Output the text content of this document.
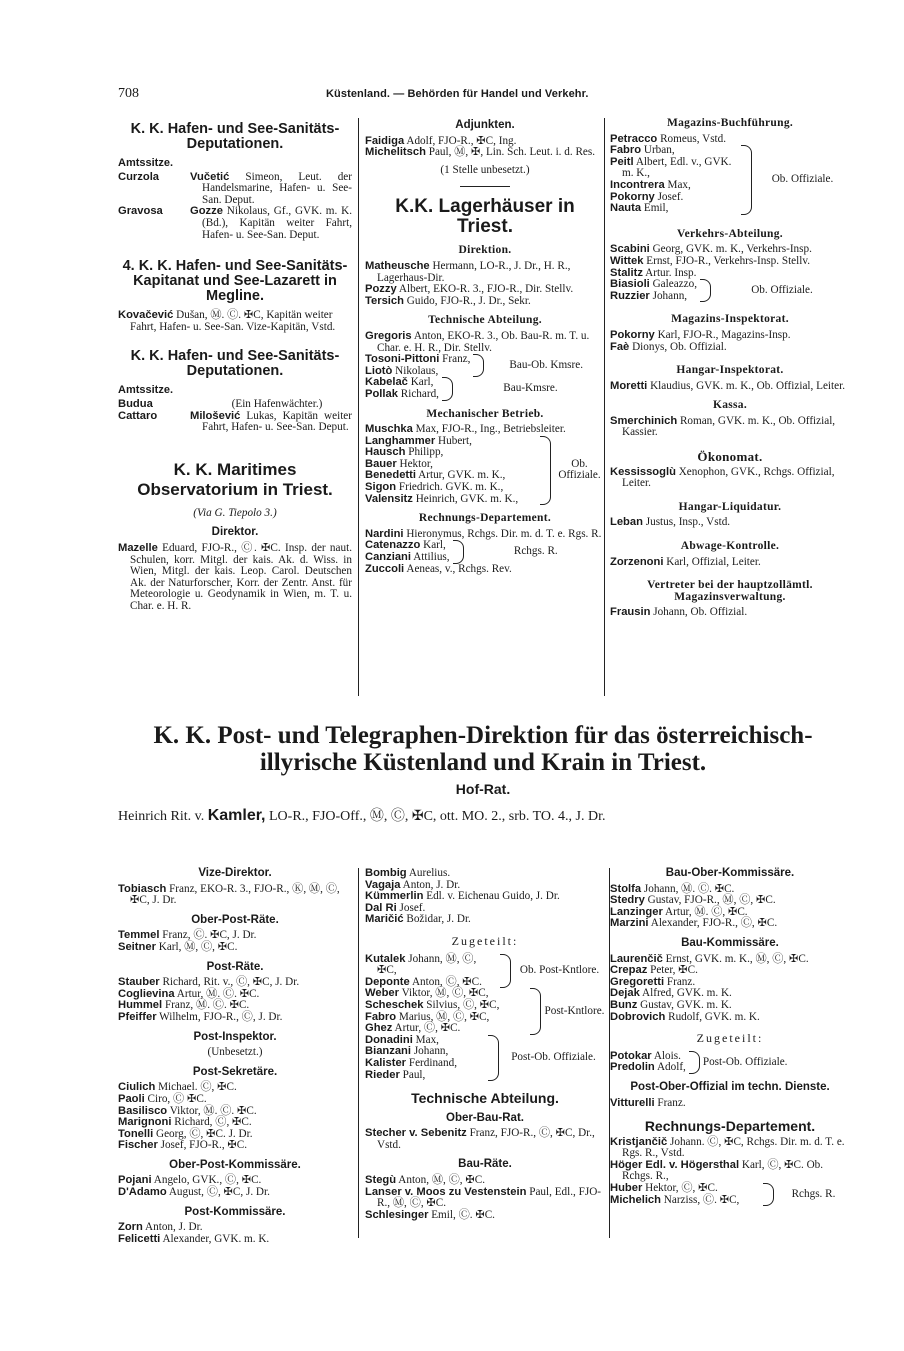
708	Küstenland. — Behörden für Handel und Verkehr.
K. K. Hafen- und See-Sanitäts-Deputationen.
Amtssitze.
Curzola	Vučetić Simeon, Leut. der Handelsmarine, Hafen- u. See-San. Deput.
Gravosa	Gozze Nikolaus, Gf., GVK. m. K. (Bd.), Kapitän weiter Fahrt, Hafen- u. See-San. Deput.
4. K. K. Hafen- und See-Sanitäts-Kapitanat und See-Lazarett in Megline.

Kovačević Dušan, Ⓜ. Ⓒ. ✠C, Kapitän weiter Fahrt, Hafen- u. See-San. Vize-Kapitän, Vstd.

K. K. Hafen- und See-Sanitäts-Deputationen.
Amtssitze.
Budua	(Ein Hafenwächter.)
Cattaro	Milošević Lukas, Kapitän weiter Fahrt, Hafen- u. See-San. Deput.
K. K. Maritimes Observatorium in Triest.
(Via G. Tiepolo 3.)
Direktor.

Mazelle Eduard, FJO-R., Ⓒ. ✠C. Insp. der naut. Schulen, korr. Mitgl. der kais. Ak. d. Wiss. in Wien, Mitgl. der kais. Leop. Carol. Deutschen Ak. der Naturforscher, Korr. der Zentr. Anst. für Meteorologie u. Geodynamik in Wien, m. T. u. Char. e. H. R.

Adjunkten.

Faidiga Adolf, FJO-R., ✠C, Ing.

Michelitsch Paul, Ⓜ, ✠, Lin. Sch. Leut. i. d. Res.

(1 Stelle unbesetzt.)
K.K. Lagerhäuser in Triest.
Direktion.

Matheusche Hermann, LO-R., J. Dr., H. R., Lagerhaus-Dir.

Pozzy Albert, EKO-R. 3., FJO-R., Dir. Stellv.

Tersich Guido, FJO-R., J. Dr., Sekr.

Technische Abteilung.

Gregoris Anton, EKO-R. 3., Ob. Bau-R. m. T. u. Char. e. H. R., Dir. Stellv.

Tosoni-Pittoni Franz,
Liotò Nikolaus,	Bau-Ob. Kmsre.
Kabelač Karl,
Pollak Richard,	Bau-Kmsre.
Mechanischer Betrieb.

Muschka Max, FJO-R., Ing., Betriebsleiter.

Langhammer Hubert,
Hausch Philipp,
Bauer Hektor,
Benedetti Artur, GVK. m. K.,
Sigon Friedrich. GVK. m. K.,
Valensitz Heinrich, GVK. m. K.,
Ob. Offiziale.
Rechnungs-Departement.

Nardini Hieronymus, Rchgs. Dir. m. d. T. e. Rgs. R.

Catenazzo Karl,
Canziani Attilius,	Rchgs. R.

Zuccoli Aeneas, v., Rchgs. Rev.

Magazins-Buchführung.

Petracco Romeus, Vstd.

Fabro Urban,
Peitl Albert, Edl. v., GVK. m. K.,
Incontrera Max,
Pokorny Josef.
Nauta Emil,
Ob. Offiziale.
Verkehrs-Abteilung.

Scabini Georg, GVK. m. K., Verkehrs-Insp.

Wittek Ernst, FJO-R., Verkehrs-Insp. Stellv.

Stalitz Artur. Insp.

Biasioli Galeazzo,
Ruzzier Johann,	Ob. Offiziale.
Magazins-Inspektorat.

Pokorny Karl, FJO-R., Magazins-Insp.

Faè Dionys, Ob. Offizial.

Hangar-Inspektorat.

Moretti Klaudius, GVK. m. K., Ob. Offizial, Leiter.

Kassa.

Smerchinich Roman, GVK. m. K., Ob. Offizial, Kassier.

Ökonomat.

Kessissoglù Xenophon, GVK., Rchgs. Offizial, Leiter.

Hangar-Liquidatur.

Leban Justus, Insp., Vstd.

Abwage-Kontrolle.

Zorzenoni Karl, Offizial, Leiter.

Vertreter bei der hauptzollämtl. Magazinsverwaltung.

Frausin Johann, Ob. Offizial.

K. K. Post- und Telegraphen-Direktion für das österreichisch-illyrische Küstenland und Krain in Triest.
Hof-Rat.
Heinrich Rit. v. Kamler, LO-R., FJO-Off., Ⓜ, Ⓒ, ✠C, ott. MO. 2., srb. TO. 4., J. Dr.
Vize-Direktor.

Tobiasch Franz, EKO-R. 3., FJO-R., Ⓚ, Ⓜ, Ⓒ, ✠C, J. Dr.

Ober-Post-Räte.

Temmel Franz, Ⓒ. ✠C, J. Dr.

Seitner Karl, Ⓜ, Ⓒ, ✠C.

Post-Räte.

Stauber Richard, Rit. v., Ⓒ, ✠C, J. Dr.

Coglievina Artur, Ⓜ. Ⓒ. ✠C.

Hummel Franz, Ⓜ. Ⓒ. ✠C.

Pfeiffer Wilhelm, FJO-R., Ⓒ, J. Dr.

Post-Inspektor.
(Unbesetzt.)
Post-Sekretäre.

Ciulich Michael. Ⓒ, ✠C.

Paoli Ciro, Ⓒ ✠C.

Basilisco Viktor, Ⓜ. Ⓒ. ✠C.

Marignoni Richard, Ⓒ, ✠C.

Tonelli Georg, Ⓒ, ✠C. J. Dr.

Fischer Josef, FJO-R., ✠C.

Ober-Post-Kommissäre.

Pojani Angelo, GVK., Ⓒ, ✠C.

D'Adamo August, Ⓒ, ✠C, J. Dr.

Post-Kommissäre.

Zorn Anton, J. Dr.

Felicetti Alexander, GVK. m. K.

Bombig Aurelius.

Vagaja Anton, J. Dr.

Kümmerlin Edl. v. Eichenau Guido, J. Dr.

Dal Ri Josef.

Maričić Božidar, J. Dr.

Zugeteilt:
Kutalek Johann, Ⓜ, Ⓒ, ✠C,
Deponte Anton, Ⓒ, ✠C.
Ob. Post-Kntlore.
Weber Viktor, Ⓜ, Ⓒ, ✠C,
Scheschek Silvius, Ⓒ, ✠C,
Fabro Marius, Ⓜ, Ⓒ, ✠C,
Ghez Artur, Ⓒ, ✠C.
Post-Kntlore.
Donadini Max,
Bianzani Johann,
Kalister Ferdinand,
Rieder Paul,
Post-Ob. Offiziale.
Technische Abteilung.
Ober-Bau-Rat.

Stecher v. Sebenitz Franz, FJO-R., Ⓒ, ✠C, Dr., Vstd.

Bau-Räte.

Stegù Anton, Ⓜ, Ⓒ, ✠C.

Lanser v. Moos zu Vestenstein Paul, Edl., FJO-R., Ⓜ, Ⓒ, ✠C.

Schlesinger Emil, Ⓒ. ✠C.

Bau-Ober-Kommissäre.

Stolfa Johann, Ⓜ. Ⓒ. ✠C.

Stedry Gustav, FJO-R., Ⓜ, Ⓒ, ✠C.

Lanzinger Artur, Ⓜ. Ⓒ, ✠C.

Marzini Alexander, FJO-R., Ⓒ, ✠C.

Bau-Kommissäre.

Laurenčič Ernst, GVK. m. K., Ⓜ, Ⓒ, ✠C.

Crepaz Peter, ✠C.

Gregoretti Franz.

Dejak Alfred, GVK. m. K.

Bunz Gustav, GVK. m. K.

Dobrovich Rudolf, GVK. m. K.

Zugeteilt:
Potokar Alois.
Predolin Adolf, Post-Ob. Offiziale.
Post-Ober-Offizial im techn. Dienste.

Vitturelli Franz.

Rechnungs-Departement.

Kristjančič Johann. Ⓒ, ✠C, Rchgs. Dir. m. d. T. e. Rgs. R., Vstd.

Höger Edl. v. Högersthal Karl, Ⓒ, ✠C. Ob. Rchgs. R.,

Huber Hektor, Ⓒ, ✠C.
Michelich Narziss, Ⓒ. ✠C,	Rchgs. R.
